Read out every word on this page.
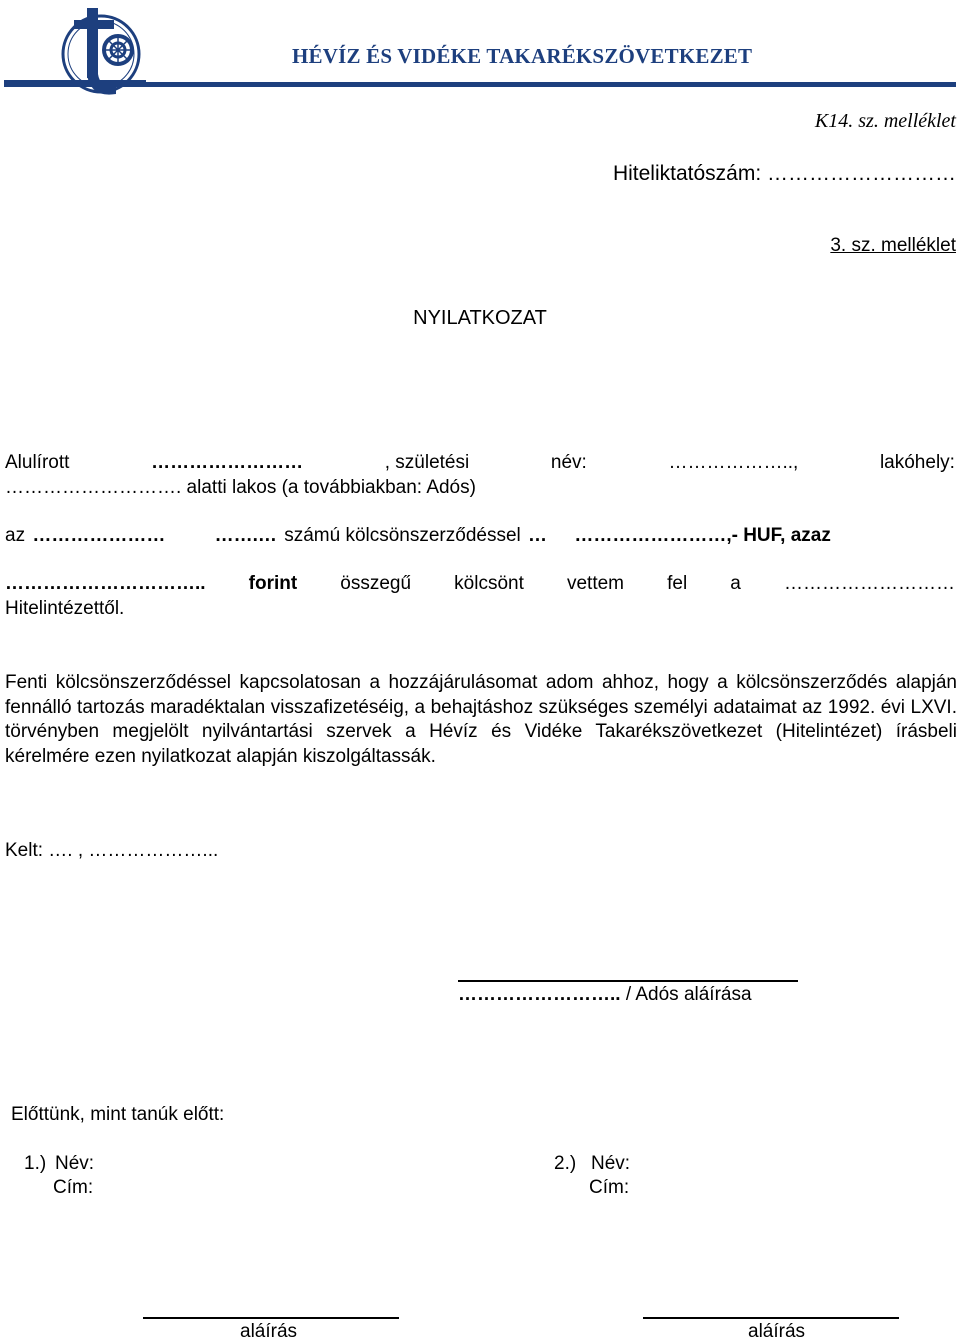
HÉVÍZ ÉS VIDÉKE TAKARÉKSZÖVETKEZET
K14. sz. melléklet
Hiteliktatószám: ………………………
3. sz. melléklet
NYILATKOZAT
Alulírott	……………………	, születési	név:	………………..,	lakóhely:
………………………. alatti lakos (a továbbiakban: Adós)
az …………………	…….… számú kölcsönszerződéssel … ……………………,- HUF, azaz
………………………….. forint összegű kölcsönt vettem fel a ………………………
Hitelintézettől.
Fenti kölcsönszerződéssel kapcsolatosan a hozzájárulásomat adom ahhoz, hogy a kölcsönszerződés alapján fennálló tartozás maradéktalan visszafizetéséig, a behajtáshoz szükséges személyi adataimat az 1992. évi LXVI. törvényben megjelölt nyilvántartási szervek a Hévíz és Vidéke Takarékszövetkezet (Hitelintézet) írásbeli kérelmére ezen nyilatkozat alapján kiszolgáltassák.
Kelt: …. , ………………...
…………………….. / Adós aláírása
Előttünk, mint tanúk előtt:
1.) Név:
Cím:
2.) Név:
Cím:
aláírás	aláírás
